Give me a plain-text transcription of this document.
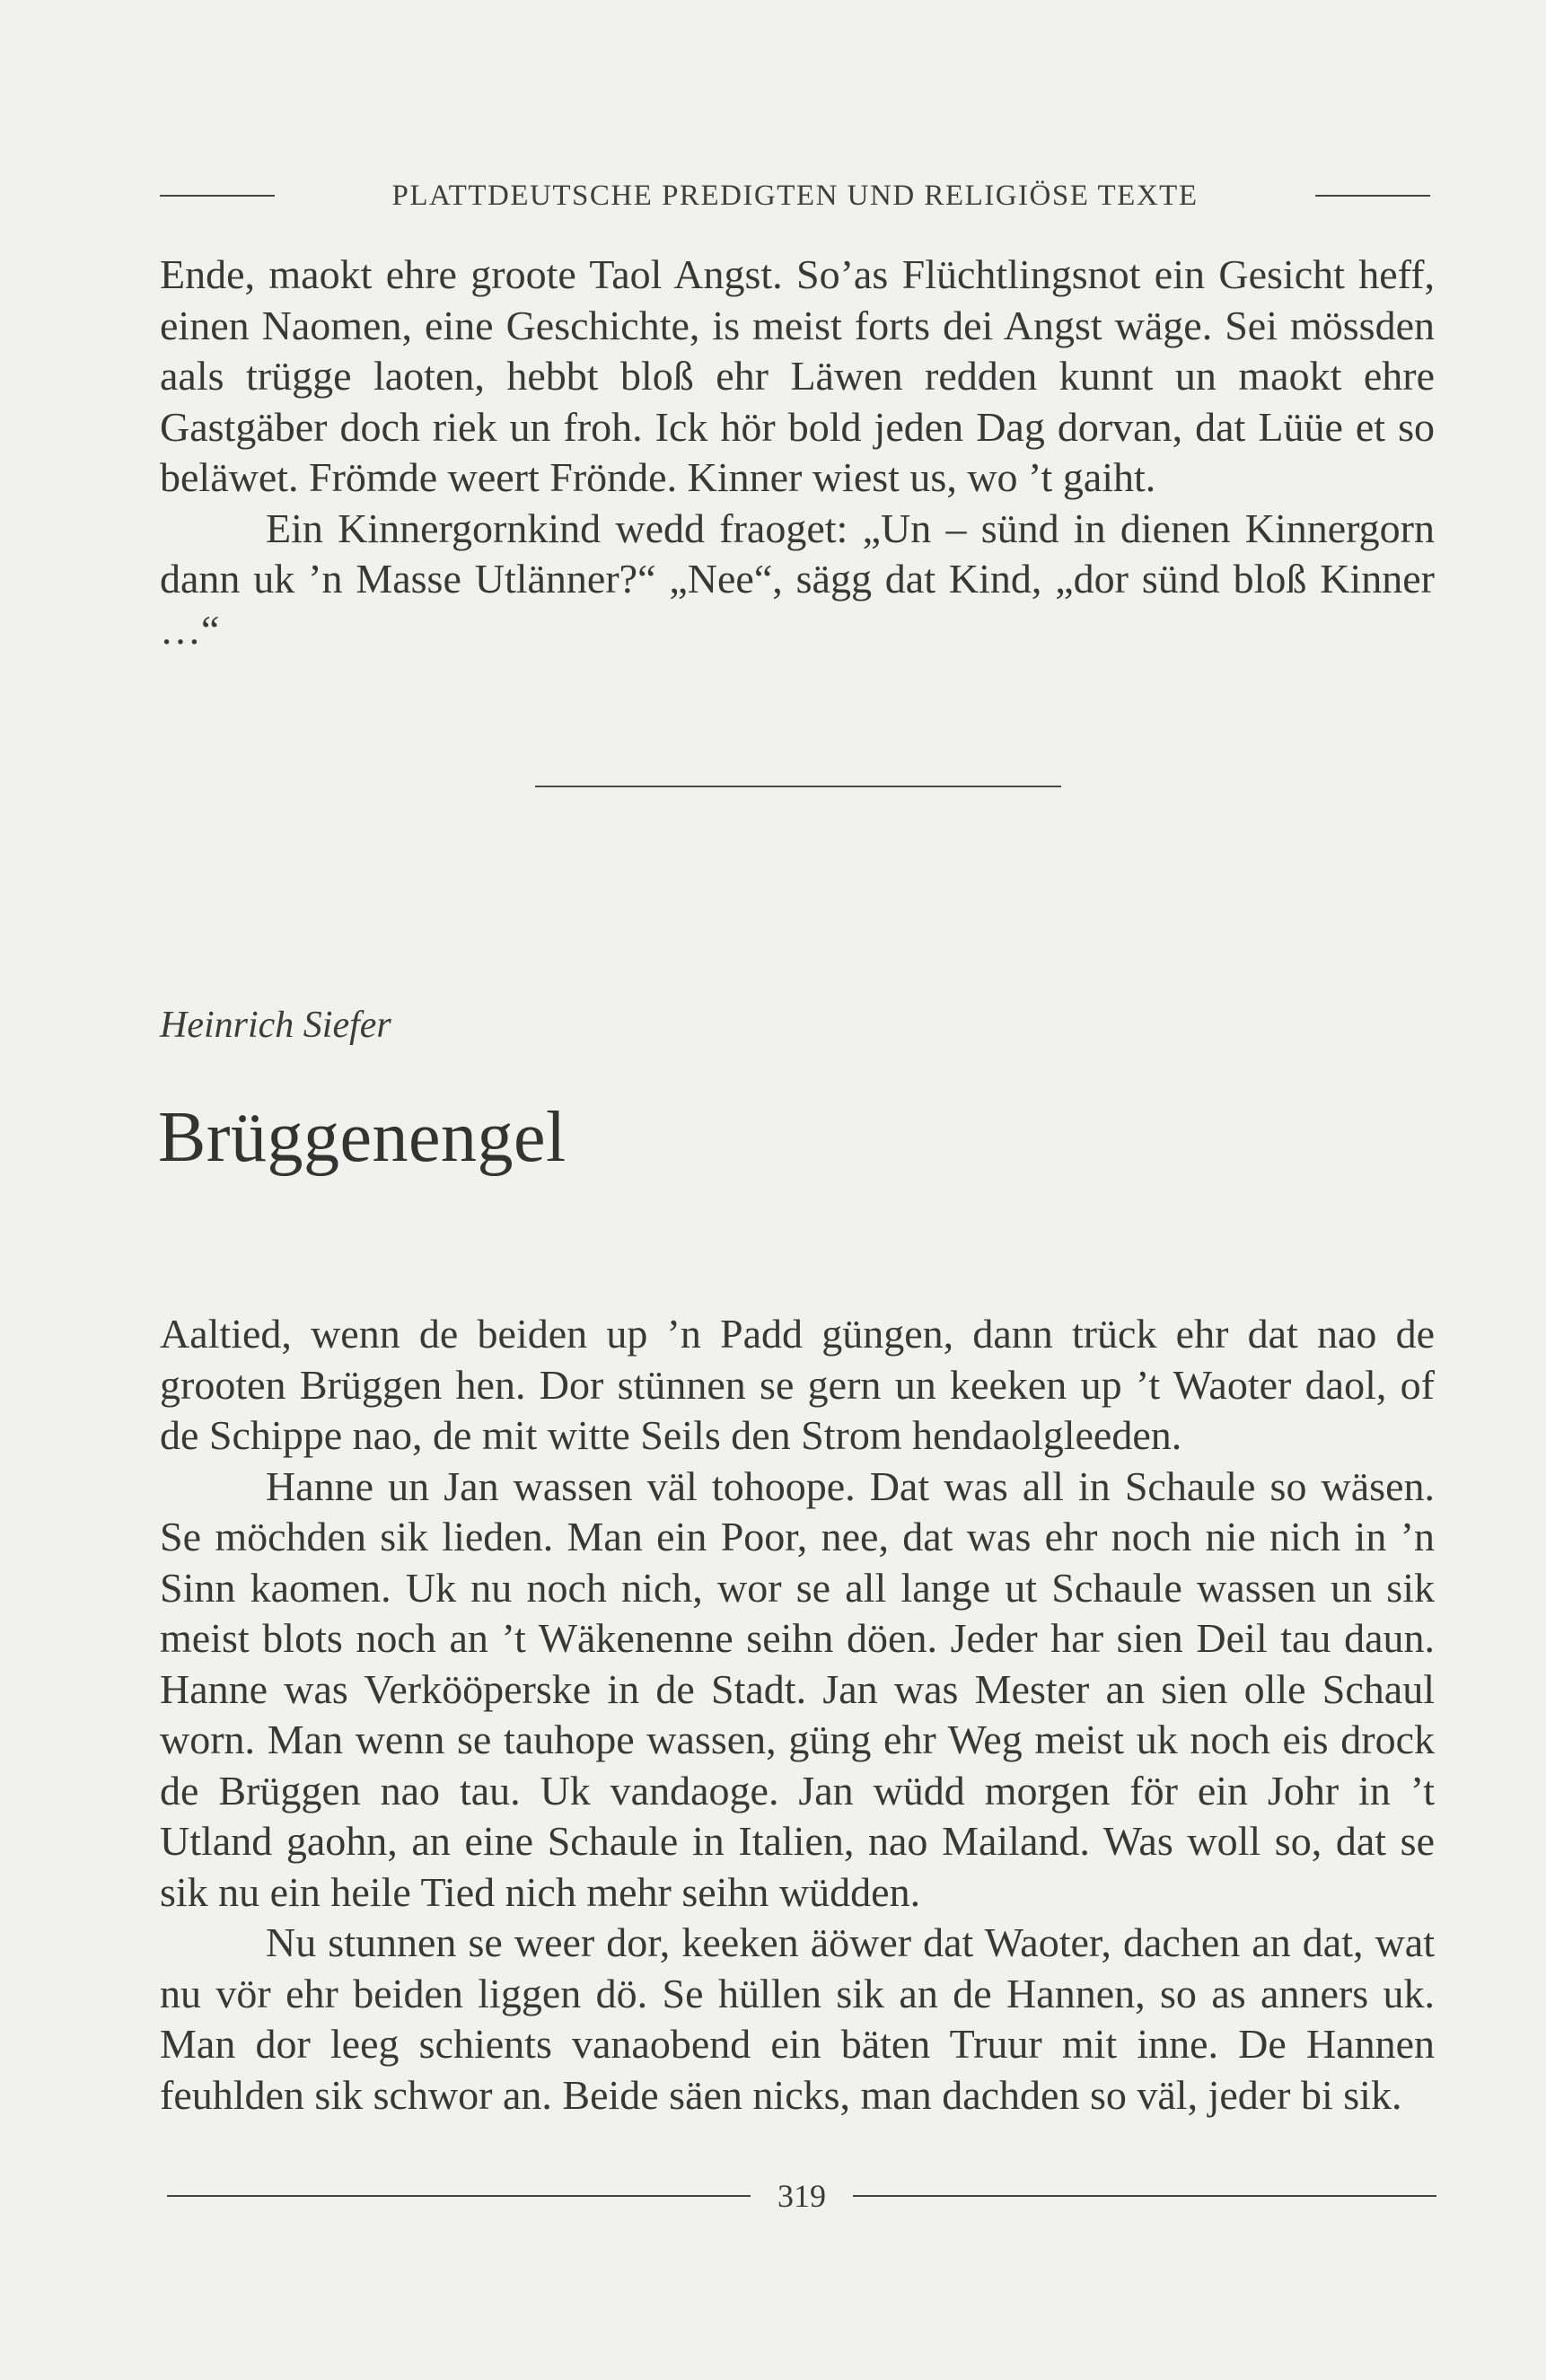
PLATTDEUTSCHE PREDIGTEN UND RELIGIÖSE TEXTE

Ende, maokt ehre groote Taol Angst. So’as Flüchtlingsnot ein Gesicht heff, einen Naomen, eine Geschichte, is meist forts dei Angst wäge. Sei mössden aals trügge laoten, hebbt bloß ehr Läwen redden kunnt un maokt ehre Gastgäber doch riek un froh. Ick hör bold jeden Dag dorvan, dat Lüüe et so beläwet. Frömde weert Frönde. Kinner wiest us, wo ’t gaiht.

Ein Kinnergornkind wedd fraoget: „Un – sünd in dienen Kinnergorn dann uk ’n Masse Utlänner?“ „Nee“, sägg dat Kind, „dor sünd bloß Kinner …“

Heinrich Siefer
Brüggenengel

Aaltied, wenn de beiden up ’n Padd güngen, dann trück ehr dat nao de grooten Brüggen hen. Dor stünnen se gern un keeken up ’t Waoter daol, of de Schippe nao, de mit witte Seils den Strom hendaolgleeden.

Hanne un Jan wassen väl tohoope. Dat was all in Schaule so wäsen. Se möchden sik lieden. Man ein Poor, nee, dat was ehr noch nie nich in ’n Sinn kaomen. Uk nu noch nich, wor se all lange ut Schaule wassen un sik meist blots noch an ’t Wäkenenne seihn döen. Jeder har sien Deil tau daun. Hanne was Verkööperske in de Stadt. Jan was Mester an sien olle Schaul worn. Man wenn se tauhope wassen, güng ehr Weg meist uk noch eis drock de Brüggen nao tau. Uk vandaoge. Jan wüdd morgen för ein Johr in ’t Utland gaohn, an eine Schaule in Italien, nao Mailand. Was woll so, dat se sik nu ein heile Tied nich mehr seihn wüdden.

Nu stunnen se weer dor, keeken äöwer dat Waoter, dachen an dat, wat nu vör ehr beiden liggen dö. Se hüllen sik an de Hannen, so as anners uk. Man dor leeg schients vanaobend ein bäten Truur mit inne. De Hannen feuhlden sik schwor an. Beide säen nicks, man dachden so väl, jeder bi sik.

319
